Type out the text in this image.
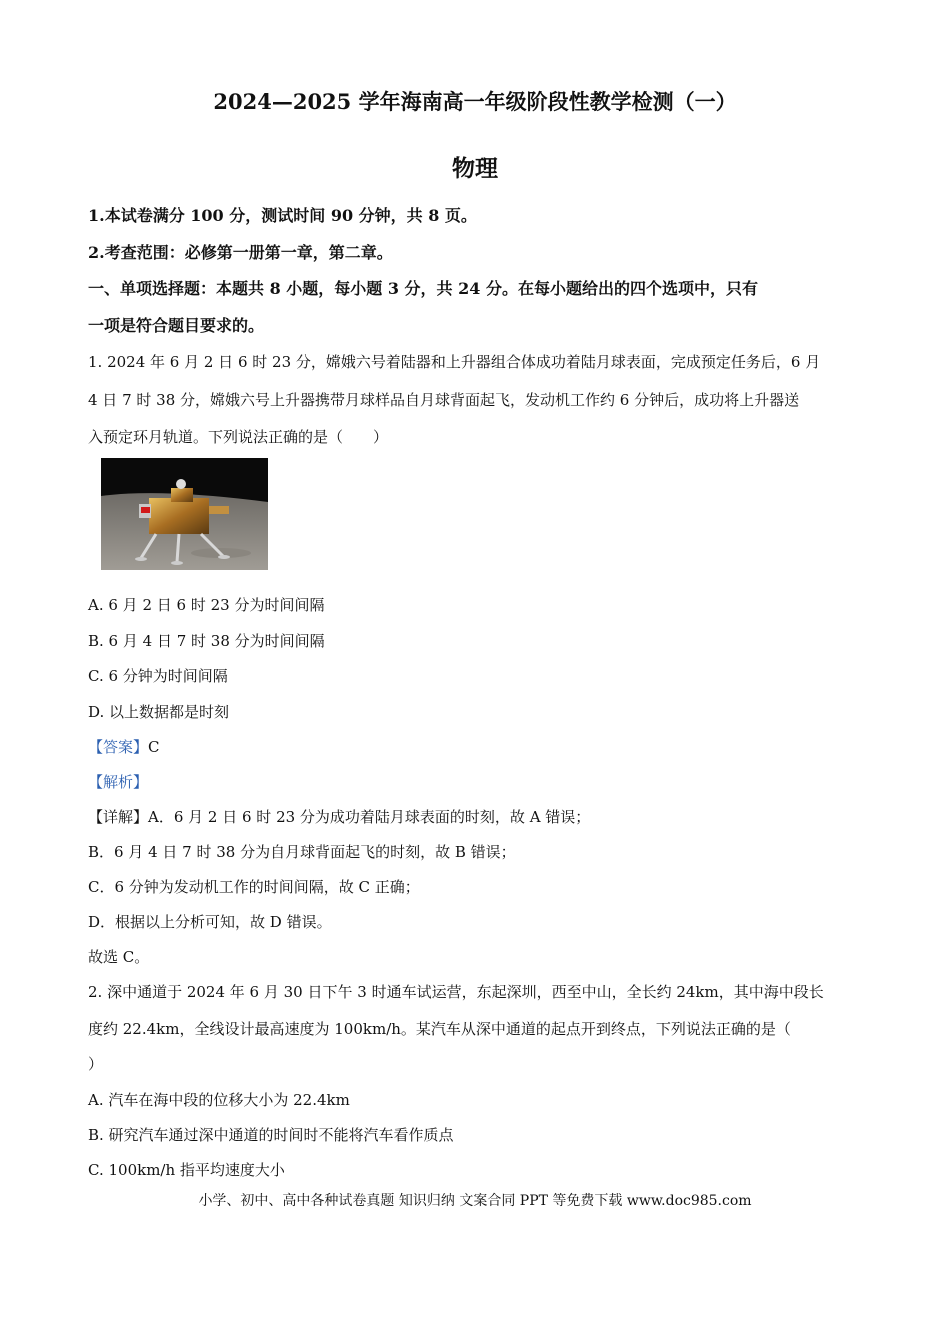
2024—2025 学年海南高一年级阶段性教学检测（一）
物理
1.本试卷满分 100 分，测试时间 90 分钟，共 8 页。
2.考查范围：必修第一册第一章，第二章。
一、单项选择题：本题共 8 小题，每小题 3 分，共 24 分。在每小题给出的四个选项中，只有
一项是符合题目要求的。
1. 2024 年 6 月 2 日 6 时 23 分，嫦娥六号着陆器和上升器组合体成功着陆月球表面，完成预定任务后，6 月
4 日 7 时 38 分，嫦娥六号上升器携带月球样品自月球背面起飞，发动机工作约 6 分钟后，成功将上升器送
入预定环月轨道。下列说法正确的是（　　）
A. 6 月 2 日 6 时 23 分为时间间隔
B. 6 月 4 日 7 时 38 分为时间间隔
C. 6 分钟为时间间隔
D. 以上数据都是时刻
【答案】C
【解析】
【详解】A．6 月 2 日 6 时 23 分为成功着陆月球表面的时刻，故 A 错误；
B．6 月 4 日 7 时 38 分为自月球背面起飞的时刻，故 B 错误；
C．6 分钟为发动机工作的时间间隔，故 C 正确；
D．根据以上分析可知，故 D 错误。
故选 C。
2. 深中通道于 2024 年 6 月 30 日下午 3 时通车试运营，东起深圳，西至中山，全长约 24km，其中海中段长
度约 22.4km，全线设计最高速度为 100km/h。某汽车从深中通道的起点开到终点，下列说法正确的是（
）
A. 汽车在海中段的位移大小为 22.4km
B. 研究汽车通过深中通道的时间时不能将汽车看作质点
C. 100km/h 指平均速度大小
小学、初中、高中各种试卷真题 知识归纳 文案合同 PPT 等免费下载 www.doc985.com
